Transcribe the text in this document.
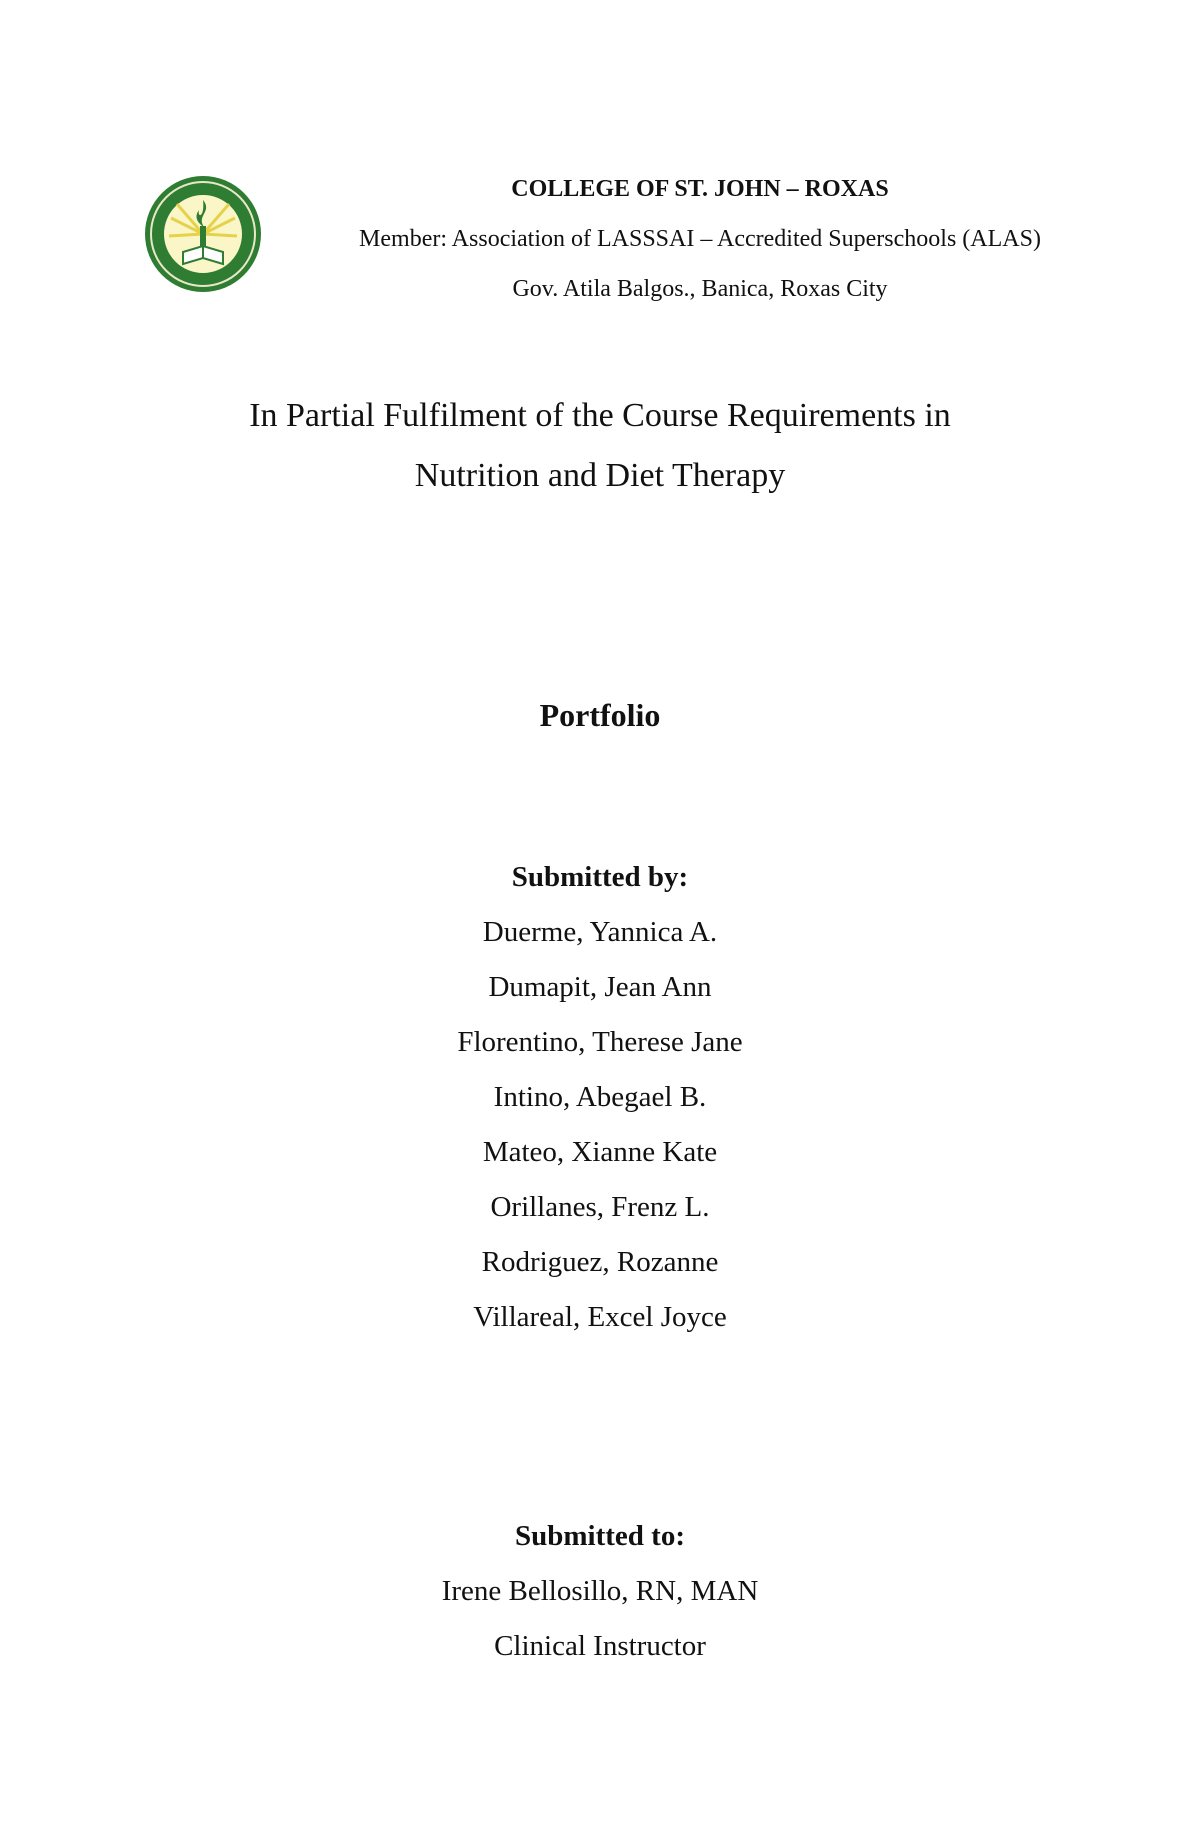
COLLEGE OF ST. JOHN – ROXAS
Member: Association of LASSSAI – Accredited Superschools (ALAS)
Gov. Atila Balgos., Banica, Roxas City
In Partial Fulfilment of the Course Requirements in
Nutrition and Diet Therapy
Portfolio
Submitted by:
Duerme, Yannica A.
Dumapit, Jean Ann
Florentino, Therese Jane
Intino, Abegael B.
Mateo, Xianne Kate
Orillanes, Frenz L.
Rodriguez, Rozanne
Villareal, Excel Joyce
Submitted to:
Irene Bellosillo, RN, MAN
Clinical Instructor
